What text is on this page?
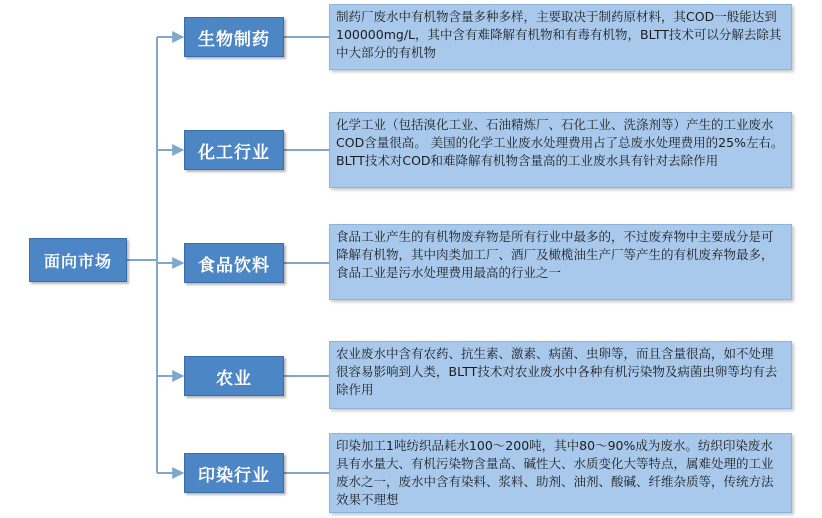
面向市场
生物制药
化工行业
食品饮料
农业
印染行业
制药厂废水中有机物含量多种多样，主要取决于制药原材料，其COD一般能达到100000mg/L，其中含有难降解有机物和有毒有机物，BLTT技术可以分解去除其中大部分的有机物
化学工业（包括溴化工业、石油精炼厂、石化工业、洗涤剂等）产生的工业废水COD含量很高。 美国的化学工业废水处理费用占了总废水处理费用的25%左右。 BLTT技术对COD和难降解有机物含量高的工业废水具有针对去除作用
食品工业产生的有机物废弃物是所有行业中最多的，不过废弃物中主要成分是可降解有机物，其中肉类加工厂、酒厂及橄榄油生产厂等产生的有机废弃物最多，食品工业是污水处理费用最高的行业之一
农业废水中含有农药、抗生素、激素、病菌、虫卵等，而且含量很高，如不处理很容易影响到人类，BLTT技术对农业废水中各种有机污染物及病菌虫卵等均有去除作用
印染加工1吨纺织品耗水100～200吨，其中80～90%成为废水。纺织印染废水具有水量大、有机污染物含量高、碱性大、水质变化大等特点，属难处理的工业废水之一，废水中含有染料、浆料、助剂、油剂、酸碱、纤维杂质等，传统方法效果不理想
